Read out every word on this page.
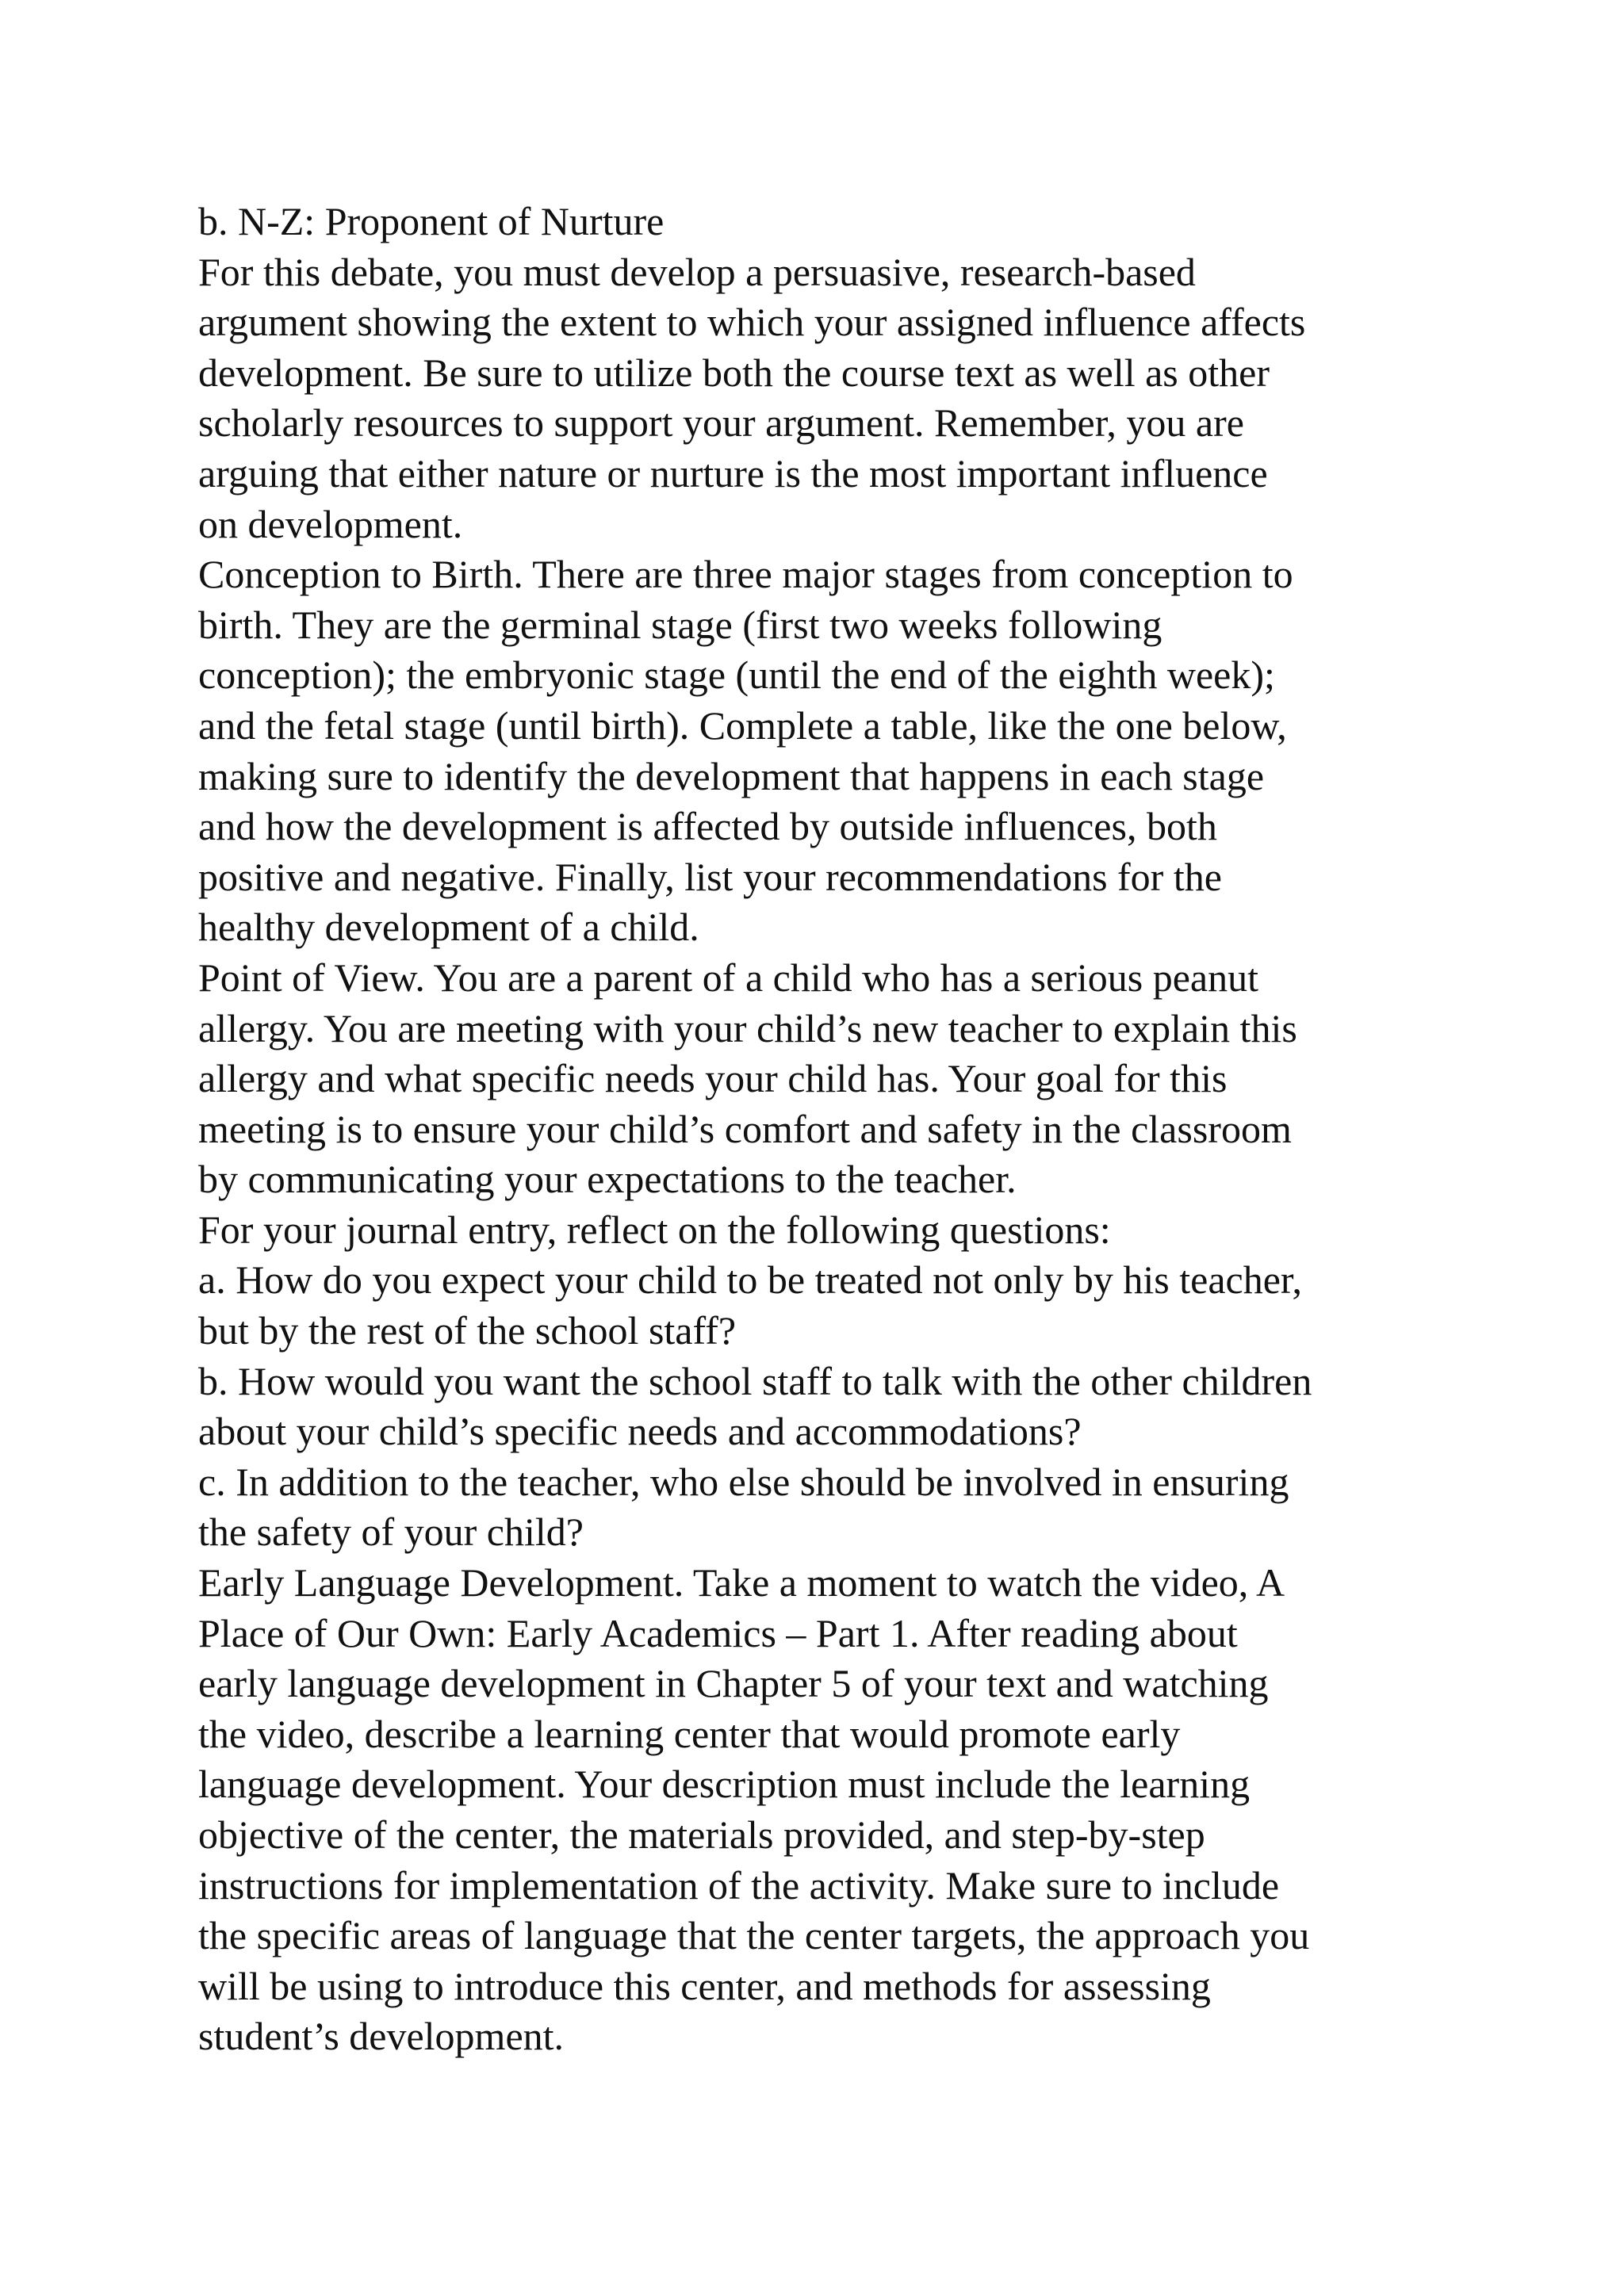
b. N-Z: Proponent of Nurture
For this debate, you must develop a persuasive, research-based
argument showing the extent to which your assigned influence affects
development. Be sure to utilize both the course text as well as other
scholarly resources to support your argument. Remember, you are
arguing that either nature or nurture is the most important influence
on development.
Conception to Birth. There are three major stages from conception to
birth. They are the germinal stage (first two weeks following
conception); the embryonic stage (until the end of the eighth week);
and the fetal stage (until birth). Complete a table, like the one below,
making sure to identify the development that happens in each stage
and how the development is affected by outside influences, both
positive and negative. Finally, list your recommendations for the
healthy development of a child.
Point of View. You are a parent of a child who has a serious peanut
allergy. You are meeting with your child’s new teacher to explain this
allergy and what specific needs your child has. Your goal for this
meeting is to ensure your child’s comfort and safety in the classroom
by communicating your expectations to the teacher.
For your journal entry, reflect on the following questions:
a. How do you expect your child to be treated not only by his teacher,
but by the rest of the school staff?
b. How would you want the school staff to talk with the other children
about your child’s specific needs and accommodations?
c. In addition to the teacher, who else should be involved in ensuring
the safety of your child?
Early Language Development. Take a moment to watch the video, A
Place of Our Own: Early Academics – Part 1. After reading about
early language development in Chapter 5 of your text and watching
the video, describe a learning center that would promote early
language development. Your description must include the learning
objective of the center, the materials provided, and step-by-step
instructions for implementation of the activity. Make sure to include
the specific areas of language that the center targets, the approach you
will be using to introduce this center, and methods for assessing
student’s development.
